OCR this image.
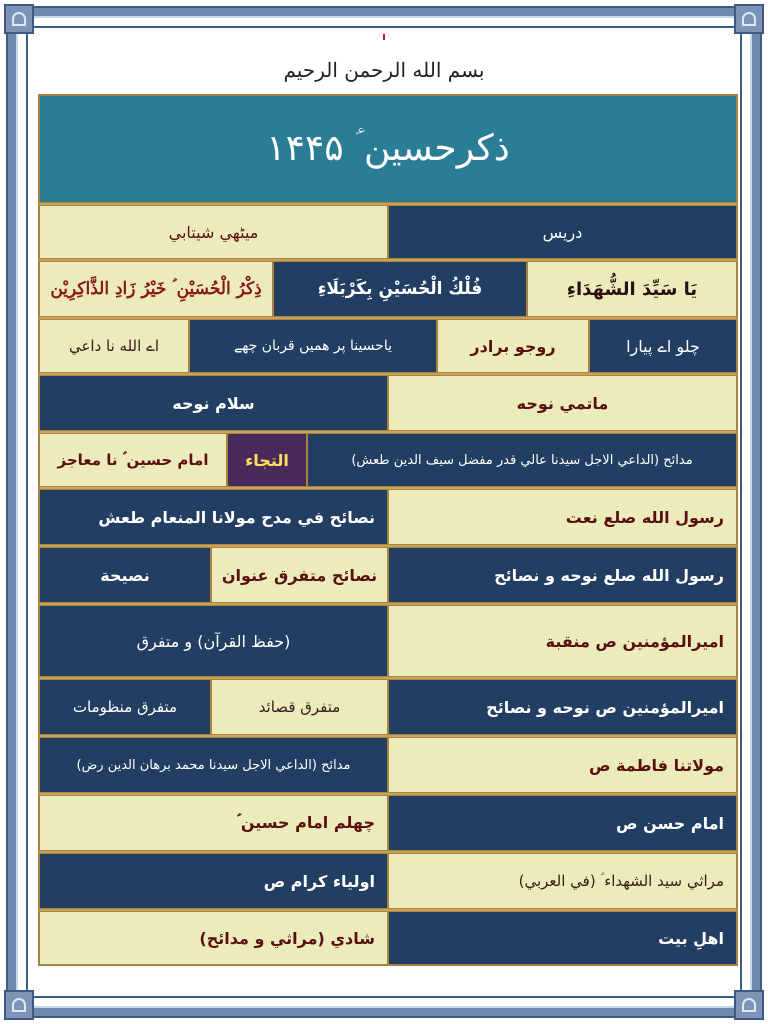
بسم الله الرحمن الرحيم
ذکرحسین ؑ ۱۴۴۵
دریس
میٹھي شیتابي
يَا سَيِّدَ الشُّهَدَاءِ
فُلْكُ الْحُسَيْنِ بِكَرْبَلَاءِ
ذِكْرُ الْحُسَيْنِ ؑ خَيْرُ زَادِ الذَّاكِرِيْن
چلو اے پیارا
روجو برادر
یاحسینا پر ھمیں قربان چھے
اے الله نا داعي
ماتمي نوحه
سلام نوحه
مدائح (الداعي الاجل سیدنا عالي قدر مفضل سیف الدین طعش)
التجاء
امام حسین ؑ نا معاجز
رسول الله صلع نعت
نصائح في مدح مولانا المنعام طعش
رسول الله صلع نوحه و نصائح
نصائح متفرق عنوان
نصیحة
امیرالمؤمنین ص منقبة
(حفظ القرآن) و متفرق
امیرالمؤمنین ص نوحه و نصائح
متفرق قصائد
متفرق منظومات
مولاتنا فاطمة ص
مدائح (الداعي الاجل سیدنا محمد برهان الدین رض)
امام حسن ص
چهلم امام حسین ؑ
مراثي سید الشهداء ؑ (في العربي)
اولیاء کرام ص
اهلِ بیت
شادي (مراثي و مدائح)
